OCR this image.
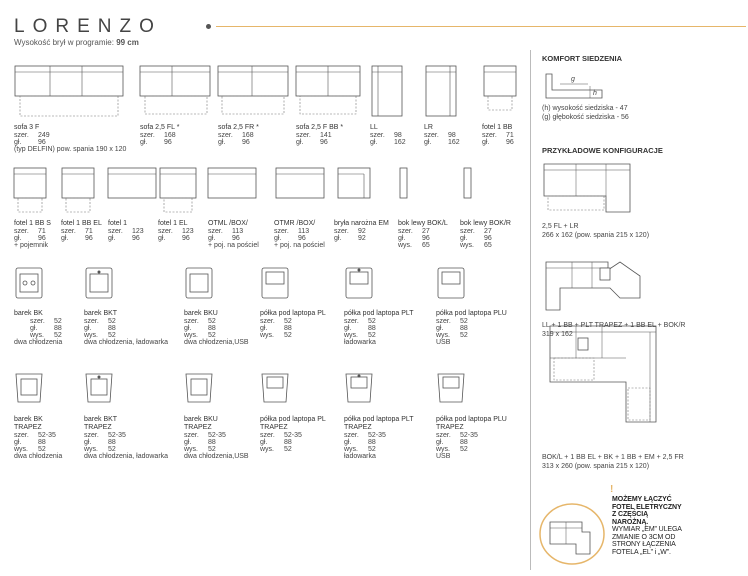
LORENZO
Wysokość brył w programie: 99 cm
sofa 3 F
szer.	249
gł.	96
(typ DELFIN) pow. spania 190 x 120
sofa 2,5 FL *
szer.	168
gł.	96
sofa 2,5 FR *
szer.	168
gł.	96
sofa 2,5 F BB *
szer.	141
gł.	96
LL
szer.	98
gł.	162
LR
szer.	98
gł.	162
fotel 1 BB
szer.	71
gł.	96
fotel 1 BB S
szer.	71
gł.	96
+ pojemnik
fotel 1 BB EL
szer.	71
gł.	96
fotel 1
szer.	123
gł.	96
fotel 1 EL
szer.	123
gł.	96
OTML /BOX/
szer.	113
gł.	96
+ poj. na pościel
OTMR /BOX/
szer.	113
gł.	96
+ poj. na pościel
bryła narożna EM
szer.	92
gł.	92
bok lewy BOK/L
szer.	27
gł.	96
wys.	65
bok lewy BOK/R
szer.	27
gł.	96
wys.	65
barek BK
szer.	52
gł.	88
wys.	52
dwa chłodzenia
barek BKT
szer.	52
gł.	88
wys.	52
dwa chłodzenia, ładowarka
barek BKU
szer.	52
gł.	88
wys.	52
dwa chłodzenia,USB
półka pod laptopa PL
szer.	52
gł.	88
wys.	52
półka pod laptopa PLT
szer.	52
gł.	88
wys.	52
ładowarka
półka pod laptopa PLU
szer.	52
gł.	88
wys.	52
USB
barek BK
TRAPEZ
szer.	52-35
gł.	88
wys.	52
dwa chłodzenia
barek BKT
TRAPEZ
szer.	52-35
gł.	88
wys.	52
dwa chłodzenia, ładowarka
barek BKU
TRAPEZ
szer.	52-35
gł.	88
wys.	52
dwa chłodzenia,USB
półka pod laptopa PL
TRAPEZ
szer.	52-35
gł.	88
wys.	52
półka pod laptopa PLT
TRAPEZ
szer.	52-35
gł.	88
wys.	52
ładowarka
półka pod laptopa PLU
TRAPEZ
szer.	52-35
gł.	88
wys.	52
USB
KOMFORT SIEDZENIA
g
h
(h) wysokość siedziska - 47
(g) głębokość siedziska - 56
PRZYKŁADOWE KONFIGURACJE
2,5 FL + LR
266 x 162 (pow. spania 215 x 120)
LL + 1 BB + PLT TRAPEZ + 1 BB EL + BOK/R
319 x 162
BOK/L + 1 BB EL + BK + 1 BB + EM + 2,5 FR
313 x 260 (pow. spania 215 x 120)
!
MOŻEMY ŁĄCZYĆ
FOTEL ELETRYCZNY
Z CZĘŚCIĄ
NAROŻNĄ.
WYMIAR „EM” ULEGA
ZMIANIE O 3CM OD
STRONY ŁĄCZENIA
FOTELA „EL” i „W”.
